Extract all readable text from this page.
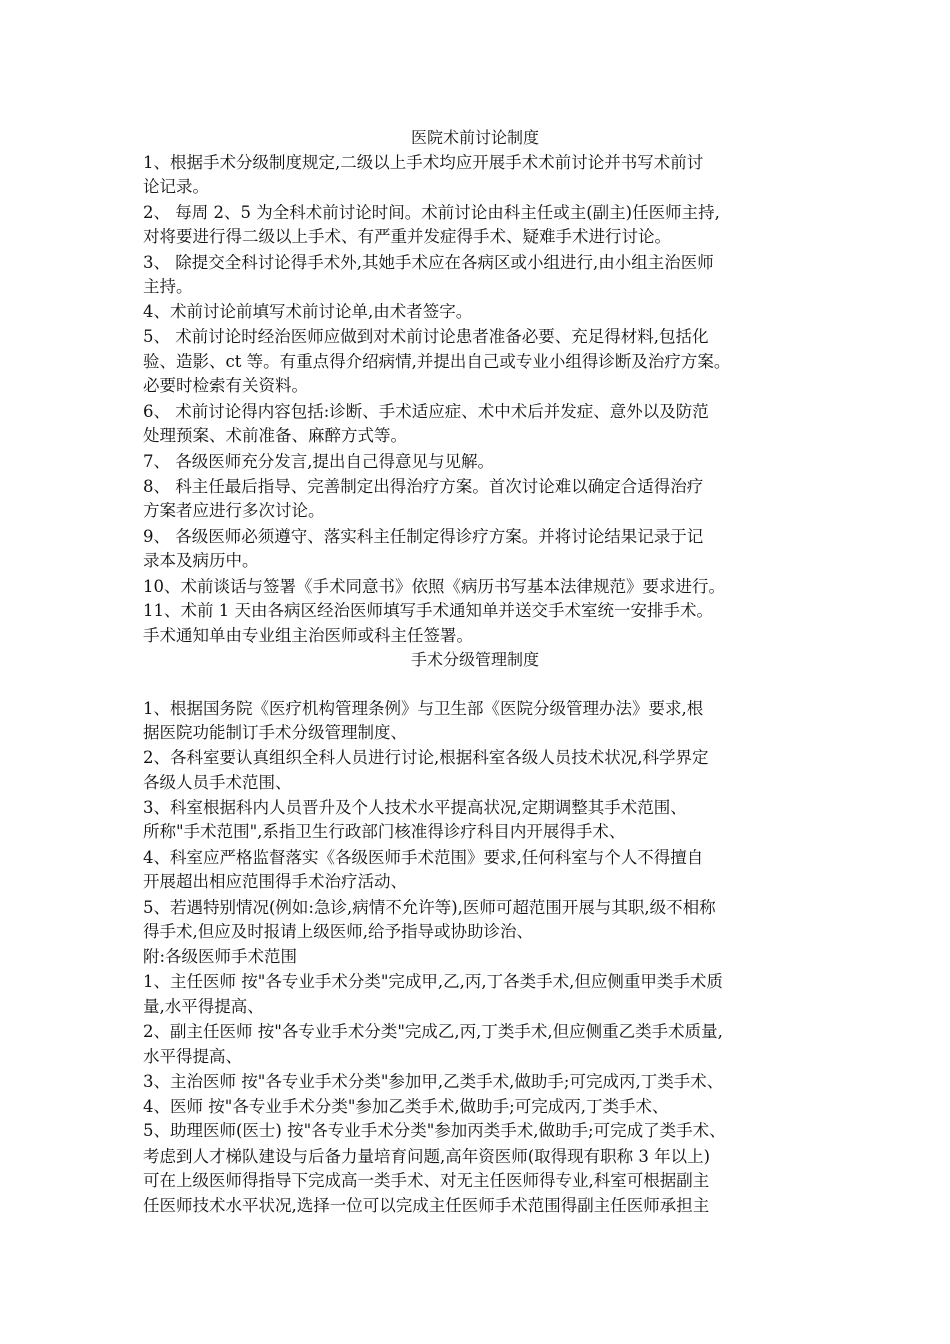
医院术前讨论制度
1、根据手术分级制度规定,二级以上手术均应开展手术术前讨论并书写术前讨
论记录。
2、 每周 2、5 为全科术前讨论时间。术前讨论由科主任或主(副主)任医师主持,
对将要进行得二级以上手术、有严重并发症得手术、疑难手术进行讨论。
3、 除提交全科讨论得手术外,其她手术应在各病区或小组进行,由小组主治医师
主持。
4、术前讨论前填写术前讨论单,由术者签字。
5、 术前讨论时经治医师应做到对术前讨论患者准备必要、充足得材料,包括化
验、造影、ct 等。有重点得介绍病情,并提出自己或专业小组得诊断及治疗方案。
必要时检索有关资料。
6、 术前讨论得内容包括:诊断、手术适应症、术中术后并发症、意外以及防范
处理预案、术前准备、麻醉方式等。
7、 各级医师充分发言,提出自己得意见与见解。
8、 科主任最后指导、完善制定出得治疗方案。首次讨论难以确定合适得治疗
方案者应进行多次讨论。
9、 各级医师必须遵守、落实科主任制定得诊疗方案。并将讨论结果记录于记
录本及病历中。
10、术前谈话与签署《手术同意书》依照《病历书写基本法律规范》要求进行。
11、术前 1 天由各病区经治医师填写手术通知单并送交手术室统一安排手术。
手术通知单由专业组主治医师或科主任签署。
手术分级管理制度
1、根据国务院《医疗机构管理条例》与卫生部《医院分级管理办法》要求,根
据医院功能制订手术分级管理制度、
2、各科室要认真组织全科人员进行讨论,根据科室各级人员技术状况,科学界定
各级人员手术范围、
3、科室根据科内人员晋升及个人技术水平提高状况,定期调整其手术范围、
所称"手术范围",系指卫生行政部门核准得诊疗科目内开展得手术、
4、科室应严格监督落实《各级医师手术范围》要求,任何科室与个人不得擅自
开展超出相应范围得手术治疗活动、
5、若遇特别情况(例如:急诊,病情不允许等),医师可超范围开展与其职,级不相称
得手术,但应及时报请上级医师,给予指导或协助诊治、
附:各级医师手术范围
1、主任医师 按"各专业手术分类"完成甲,乙,丙,丁各类手术,但应侧重甲类手术质
量,水平得提高、
2、副主任医师 按"各专业手术分类"完成乙,丙,丁类手术,但应侧重乙类手术质量,
水平得提高、
3、主治医师 按"各专业手术分类"参加甲,乙类手术,做助手;可完成丙,丁类手术、
4、医师 按"各专业手术分类"参加乙类手术,做助手;可完成丙,丁类手术、
5、助理医师(医士) 按"各专业手术分类"参加丙类手术,做助手;可完成了类手术、
考虑到人才梯队建设与后备力量培育问题,高年资医师(取得现有职称 3 年以上)
可在上级医师得指导下完成高一类手术、对无主任医师得专业,科室可根据副主
任医师技术水平状况,选择一位可以完成主任医师手术范围得副主任医师承担主
